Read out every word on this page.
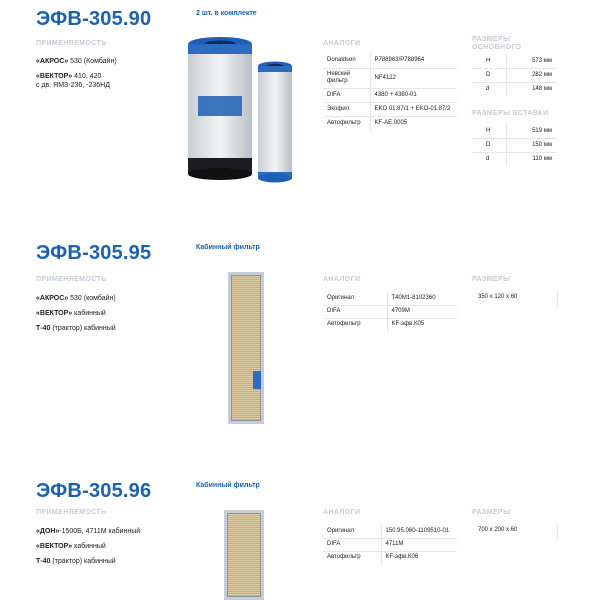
ЭФВ-305.90	2 шт. в комплекте
ПРИМЕНЯЕМОСТЬ
«АКРОС» 530 (Комбайн)
«ВЕКТОР» 410, 420
с дв. ЯМЗ-236, -236НД
АНАЛОГИ
Donaldson	P788963/P788964
Невский фильтр	NF4122
DIFA	4380 + 4380-01
Экофил	EKO 01.87/1 + EKO-01.87/2
Автофильтр	KF-AE.0005
РАЗМЕРЫ ОСНОВНОГО
H	573 мм
D	282 мм
d	148 мм
РАЗМЕРЫ ВСТАВКИ
H	519 мм
D	150 мм
d	110 мм
ЭФВ-305.95	Кабинный фильтр
ПРИМЕНЯЕМОСТЬ
«АКРОС» 530 (комбайн)
«ВЕКТОР» кабинный
Т-40 (трактор) кабинный
АНАЛОГИ
Оригинал	Т40М1-8102360
DIFA	4709M
Автофильтр	KF-эфв.К05
РАЗМЕРЫ
350 x 120 x 60
ЭФВ-305.96	Кабинный фильтр
ПРИМЕНЯЕМОСТЬ
«ДОН»-1500Б, 4711М кабинный
«ВЕКТОР» кабинный
Т-40 (трактор) кабинный
АНАЛОГИ
Оригинал	150.95.060-1109510-01
DIFA	4711M
Автофильтр	KF-эфв.К06
РАЗМЕРЫ
700 x 200 x 60
